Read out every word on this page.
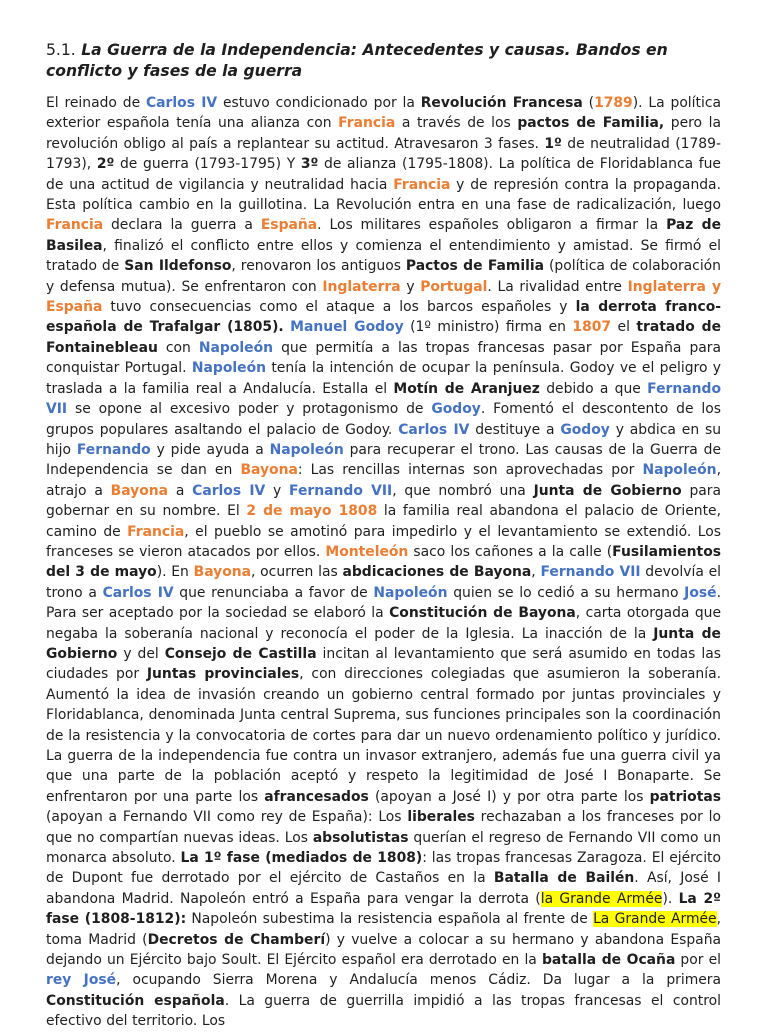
5.1. La Guerra de la Independencia: Antecedentes y causas. Bandos en conflicto y fases de la guerra

El reinado de Carlos IV estuvo condicionado por la Revolución Francesa (1789). La política exterior española tenía una alianza con Francia a través de los pactos de Familia, pero la revolución obligo al país a replantear su actitud. Atravesaron 3 fases. 1º de neutralidad (1789-1793), 2º de guerra (1793-1795) Y 3º de alianza (1795-1808). La política de Floridablanca fue de una actitud de vigilancia y neutralidad hacia Francia y de represión contra la propaganda. Esta política cambio en la guillotina. La Revolución entra en una fase de radicalización, luego Francia declara la guerra a España. Los militares españoles obligaron a firmar la Paz de Basilea, finalizó el conflicto entre ellos y comienza el entendimiento y amistad. Se firmó el tratado de San Ildefonso, renovaron los antiguos Pactos de Familia (política de colaboración y defensa mutua). Se enfrentaron con Inglaterra y Portugal. La rivalidad entre Inglaterra y España tuvo consecuencias como el ataque a los barcos españoles y la derrota franco-española de Trafalgar (1805). Manuel Godoy (1º ministro) firma en 1807 el tratado de Fontainebleau con Napoleón que permitía a las tropas francesas pasar por España para conquistar Portugal. Napoleón tenía la intención de ocupar la península. Godoy ve el peligro y traslada a la familia real a Andalucía. Estalla el Motín de Aranjuez debido a que Fernando VII se opone al excesivo poder y protagonismo de Godoy. Fomentó el descontento de los grupos populares asaltando el palacio de Godoy. Carlos IV destituye a Godoy y abdica en su hijo Fernando y pide ayuda a Napoleón para recuperar el trono. Las causas de la Guerra de Independencia se dan en Bayona: Las rencillas internas son aprovechadas por Napoleón, atrajo a Bayona a Carlos IV y Fernando VII, que nombró una Junta de Gobierno para gobernar en su nombre. El 2 de mayo 1808 la familia real abandona el palacio de Oriente, camino de Francia, el pueblo se amotinó para impedirlo y el levantamiento se extendió. Los franceses se vieron atacados por ellos. Monteleón saco los cañones a la calle (Fusilamientos del 3 de mayo). En Bayona, ocurren las abdicaciones de Bayona, Fernando VII devolvía el trono a Carlos IV que renunciaba a favor de Napoleón quien se lo cedió a su hermano José. Para ser aceptado por la sociedad se elaboró la Constitución de Bayona, carta otorgada que negaba la soberanía nacional y reconocía el poder de la Iglesia. La inacción de la Junta de Gobierno y del Consejo de Castilla incitan al levantamiento que será asumido en todas las ciudades por Juntas provinciales, con direcciones colegiadas que asumieron la soberanía. Aumentó la idea de invasión creando un gobierno central formado por juntas provinciales y Floridablanca, denominada Junta central Suprema, sus funciones principales son la coordinación de la resistencia y la convocatoria de cortes para dar un nuevo ordenamiento político y jurídico. La guerra de la independencia fue contra un invasor extranjero, además fue una guerra civil ya que una parte de la población aceptó y respeto la legitimidad de José I Bonaparte. Se enfrentaron por una parte los afrancesados (apoyan a José I) y por otra parte los patriotas (apoyan a Fernando VII como rey de España): Los liberales rechazaban a los franceses por lo que no compartían nuevas ideas. Los absolutistas querían el regreso de Fernando VII como un monarca absoluto. La 1º fase (mediados de 1808): las tropas francesas Zaragoza. El ejército de Dupont fue derrotado por el ejército de Castaños en la Batalla de Bailén. Así, José I abandona Madrid. Napoleón entró a España para vengar la derrota (la Grande Armée). La 2º fase (1808-1812): Napoleón subestima la resistencia española al frente de La Grande Armée, toma Madrid (Decretos de Chamberí) y vuelve a colocar a su hermano y abandona España dejando un Ejército bajo Soult. El Ejército español era derrotado en la batalla de Ocaña por el rey José, ocupando Sierra Morena y Andalucía menos Cádiz. Da lugar a la primera Constitución española. La guerra de guerrilla impidió a las tropas francesas el control efectivo del territorio. Los
